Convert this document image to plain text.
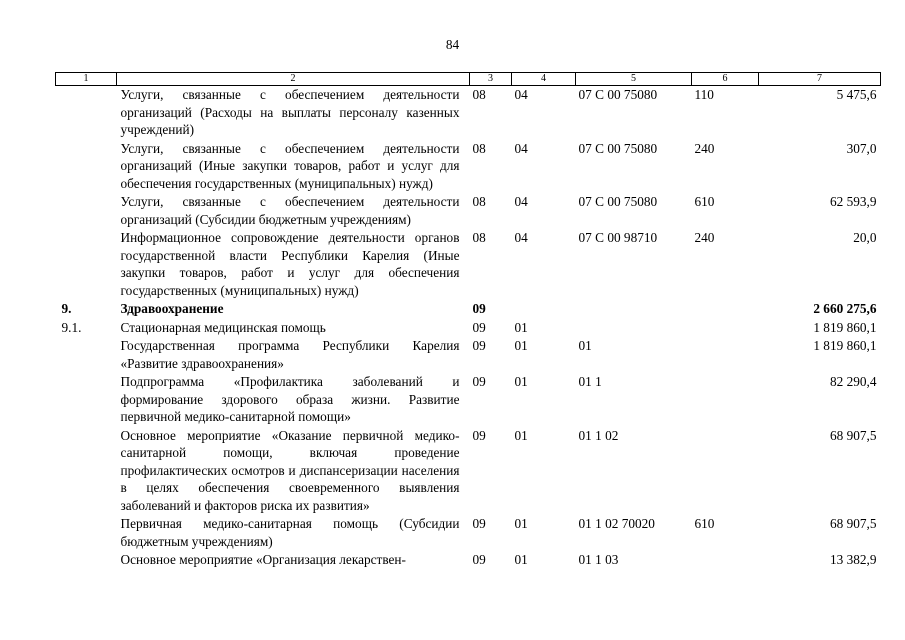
84
1	2	3	4	5	6	7
	Услуги, связанные с обеспечением деятельности организаций (Расходы на выплаты персоналу казенных учреждений)	08	04	07 С 00 75080	110	5 475,6
	Услуги, связанные с обеспечением деятельности организаций (Иные закупки товаров, работ и услуг для обеспечения государственных (муниципальных) нужд)	08	04	07 С 00 75080	240	307,0
	Услуги, связанные с обеспечением деятельности организаций (Субсидии бюджетным учреждениям)	08	04	07 С 00 75080	610	62 593,9
	Информационное сопровождение деятельности органов государственной власти Республики Карелия (Иные закупки товаров, работ и услуг для обеспечения государственных (муниципальных) нужд)	08	04	07 С 00 98710	240	20,0
9.	Здравоохранение	09				2 660 275,6
9.1.	Стационарная медицинская помощь	09	01			1 819 860,1
	Государственная программа Республики Карелия «Развитие здравоохранения»	09	01	01		1 819 860,1
	Подпрограмма «Профилактика заболеваний и формирование здорового образа жизни. Развитие первичной медико-санитарной помощи»	09	01	01 1		82 290,4
	Основное мероприятие «Оказание первичной медико-санитарной помощи, включая проведение профилактических осмотров и диспансеризации населения в целях обеспечения своевременного выявления заболеваний и факторов риска их развития»	09	01	01 1 02		68 907,5
	Первичная медико-санитарная помощь (Субсидии бюджетным учреждениям)	09	01	01 1 02 70020	610	68 907,5
	Основное мероприятие «Организация лекарствен-	09	01	01 1 03		13 382,9
